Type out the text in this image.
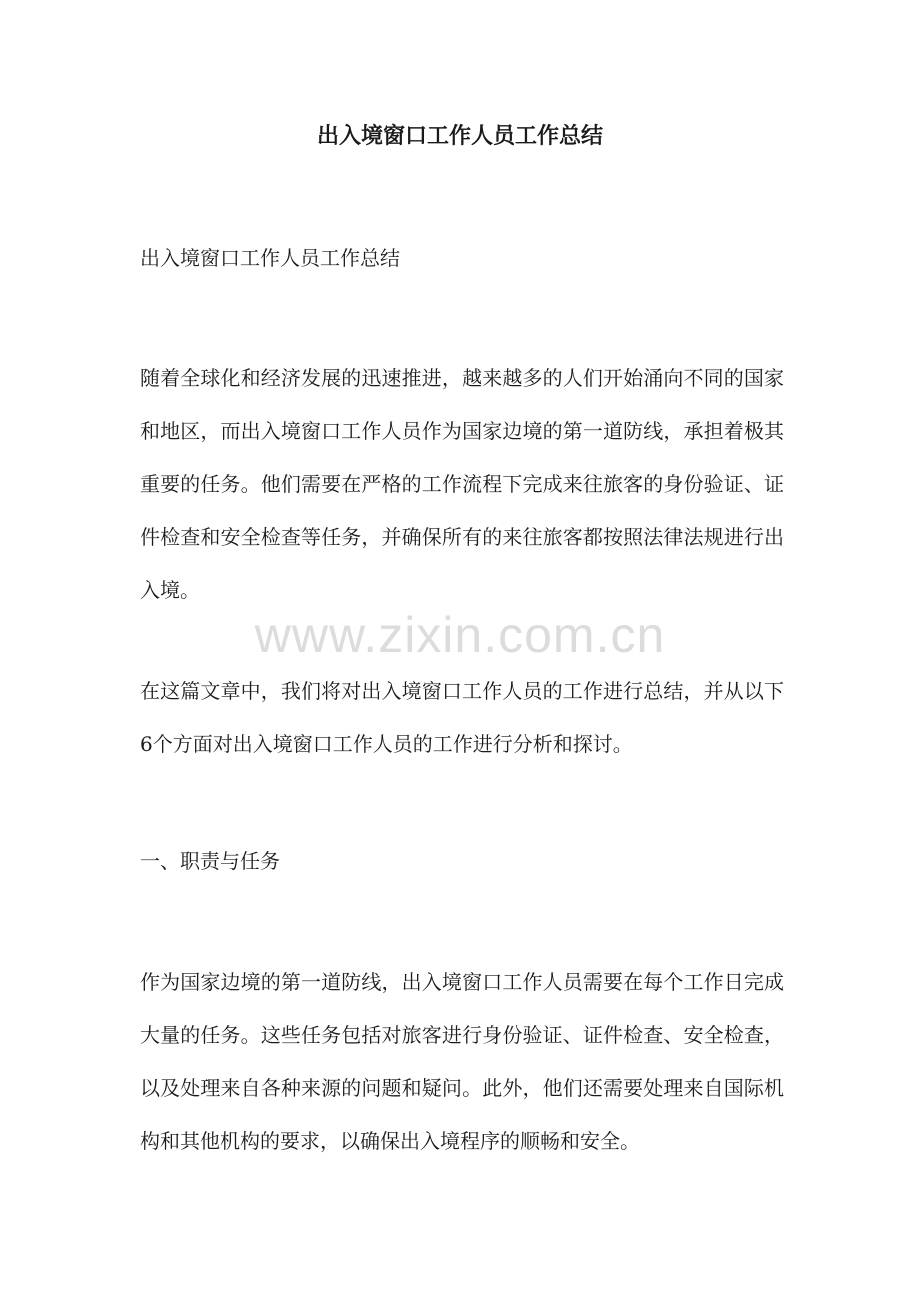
出入境窗口工作人员工作总结

出入境窗口工作人员工作总结

随着全球化和经济发展的迅速推进，越来越多的人们开始涌向不同的国家和地区，而出入境窗口工作人员作为国家边境的第一道防线，承担着极其重要的任务。他们需要在严格的工作流程下完成来往旅客的身份验证、证件检查和安全检查等任务，并确保所有的来往旅客都按照法律法规进行出入境。

www.zixin.com.cn

在这篇文章中，我们将对出入境窗口工作人员的工作进行总结，并从以下6个方面对出入境窗口工作人员的工作进行分析和探讨。

一、职责与任务

作为国家边境的第一道防线，出入境窗口工作人员需要在每个工作日完成大量的任务。这些任务包括对旅客进行身份验证、证件检查、安全检查，以及处理来自各种来源的问题和疑问。此外，他们还需要处理来自国际机构和其他机构的要求，以确保出入境程序的顺畅和安全。
